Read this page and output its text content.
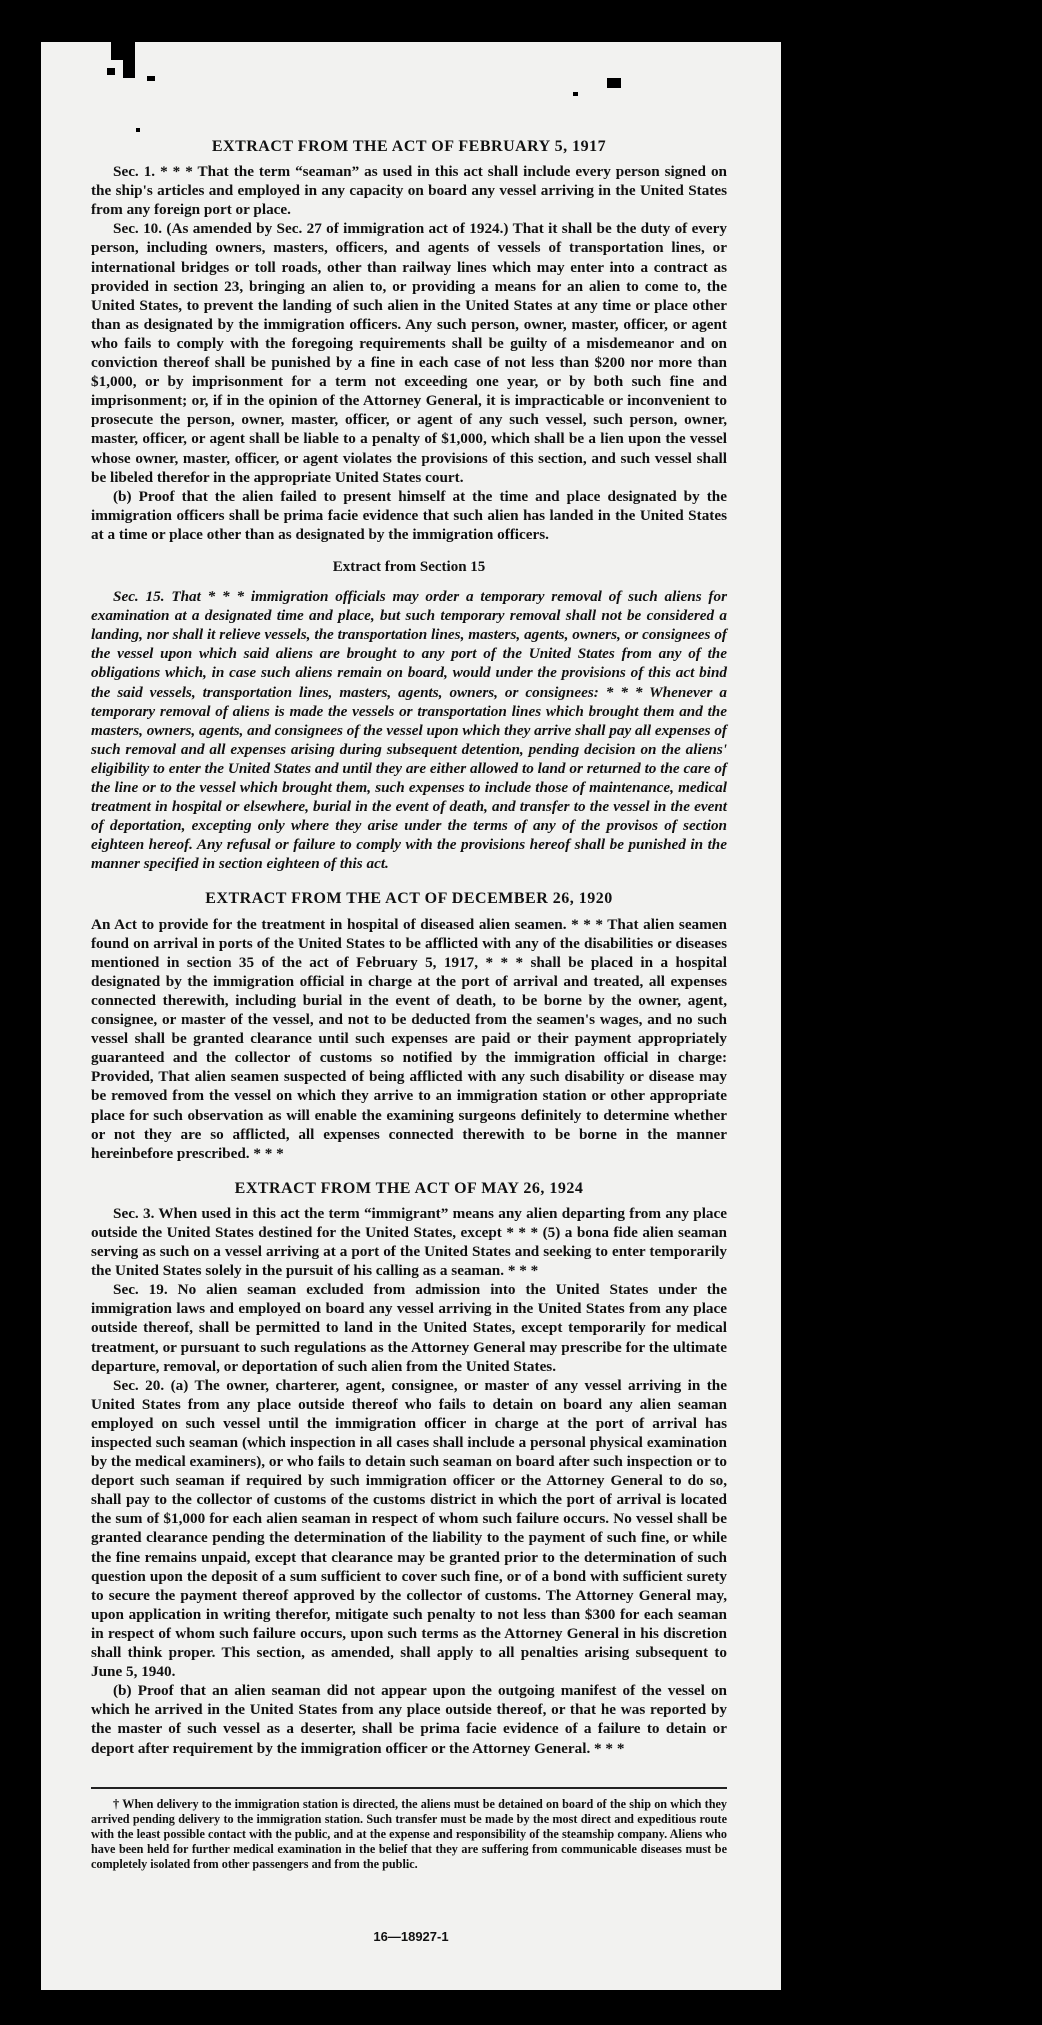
EXTRACT FROM THE ACT OF FEBRUARY 5, 1917

Sec. 1. * * * That the term “seaman” as used in this act shall include every person signed on the ship's articles and employed in any capacity on board any vessel arriving in the United States from any foreign port or place.

Sec. 10. (As amended by Sec. 27 of immigration act of 1924.) That it shall be the duty of every person, including owners, masters, officers, and agents of vessels of transportation lines, or international bridges or toll roads, other than railway lines which may enter into a contract as provided in section 23, bringing an alien to, or providing a means for an alien to come to, the United States, to prevent the landing of such alien in the United States at any time or place other than as designated by the immigration officers. Any such person, owner, master, officer, or agent who fails to comply with the foregoing requirements shall be guilty of a misdemeanor and on conviction thereof shall be punished by a fine in each case of not less than $200 nor more than $1,000, or by imprisonment for a term not exceeding one year, or by both such fine and imprisonment; or, if in the opinion of the Attorney General, it is impracticable or inconvenient to prosecute the person, owner, master, officer, or agent of any such vessel, such person, owner, master, officer, or agent shall be liable to a penalty of $1,000, which shall be a lien upon the vessel whose owner, master, officer, or agent violates the provisions of this section, and such vessel shall be libeled therefor in the appropriate United States court.

(b) Proof that the alien failed to present himself at the time and place designated by the immigration officers shall be prima facie evidence that such alien has landed in the United States at a time or place other than as designated by the immigration officers.

Extract from Section 15

Sec. 15. That * * * immigration officials may order a temporary removal of such aliens for examination at a designated time and place, but such temporary removal shall not be considered a landing, nor shall it relieve vessels, the transportation lines, masters, agents, owners, or consignees of the vessel upon which said aliens are brought to any port of the United States from any of the obligations which, in case such aliens remain on board, would under the provisions of this act bind the said vessels, transportation lines, masters, agents, owners, or consignees: * * * Whenever a temporary removal of aliens is made the vessels or transportation lines which brought them and the masters, owners, agents, and consignees of the vessel upon which they arrive shall pay all expenses of such removal and all expenses arising during subsequent detention, pending decision on the aliens' eligibility to enter the United States and until they are either allowed to land or returned to the care of the line or to the vessel which brought them, such expenses to include those of maintenance, medical treatment in hospital or elsewhere, burial in the event of death, and transfer to the vessel in the event of deportation, excepting only where they arise under the terms of any of the provisos of section eighteen hereof. Any refusal or failure to comply with the provisions hereof shall be punished in the manner specified in section eighteen of this act.

EXTRACT FROM THE ACT OF DECEMBER 26, 1920

An Act to provide for the treatment in hospital of diseased alien seamen. * * * That alien seamen found on arrival in ports of the United States to be afflicted with any of the disabilities or diseases mentioned in section 35 of the act of February 5, 1917, * * * shall be placed in a hospital designated by the immigration official in charge at the port of arrival and treated, all expenses connected therewith, including burial in the event of death, to be borne by the owner, agent, consignee, or master of the vessel, and not to be deducted from the seamen's wages, and no such vessel shall be granted clearance until such expenses are paid or their payment appropriately guaranteed and the collector of customs so notified by the immigration official in charge: Provided, That alien seamen suspected of being afflicted with any such disability or disease may be removed from the vessel on which they arrive to an immigration station or other appropriate place for such observation as will enable the examining surgeons definitely to determine whether or not they are so afflicted, all expenses connected therewith to be borne in the manner hereinbefore prescribed. * * *

EXTRACT FROM THE ACT OF MAY 26, 1924

Sec. 3. When used in this act the term “immigrant” means any alien departing from any place outside the United States destined for the United States, except * * * (5) a bona fide alien seaman serving as such on a vessel arriving at a port of the United States and seeking to enter temporarily the United States solely in the pursuit of his calling as a seaman. * * *

Sec. 19. No alien seaman excluded from admission into the United States under the immigration laws and employed on board any vessel arriving in the United States from any place outside thereof, shall be permitted to land in the United States, except temporarily for medical treatment, or pursuant to such regulations as the Attorney General may prescribe for the ultimate departure, removal, or deportation of such alien from the United States.

Sec. 20. (a) The owner, charterer, agent, consignee, or master of any vessel arriving in the United States from any place outside thereof who fails to detain on board any alien seaman employed on such vessel until the immigration officer in charge at the port of arrival has inspected such seaman (which inspection in all cases shall include a personal physical examination by the medical examiners), or who fails to detain such seaman on board after such inspection or to deport such seaman if required by such immigration officer or the Attorney General to do so, shall pay to the collector of customs of the customs district in which the port of arrival is located the sum of $1,000 for each alien seaman in respect of whom such failure occurs. No vessel shall be granted clearance pending the determination of the liability to the payment of such fine, or while the fine remains unpaid, except that clearance may be granted prior to the determination of such question upon the deposit of a sum sufficient to cover such fine, or of a bond with sufficient surety to secure the payment thereof approved by the collector of customs. The Attorney General may, upon application in writing therefor, mitigate such penalty to not less than $300 for each seaman in respect of whom such failure occurs, upon such terms as the Attorney General in his discretion shall think proper. This section, as amended, shall apply to all penalties arising subsequent to June 5, 1940.

(b) Proof that an alien seaman did not appear upon the outgoing manifest of the vessel on which he arrived in the United States from any place outside thereof, or that he was reported by the master of such vessel as a deserter, shall be prima facie evidence of a failure to detain or deport after requirement by the immigration officer or the Attorney General. * * *

† When delivery to the immigration station is directed, the aliens must be detained on board of the ship on which they arrived pending delivery to the immigration station. Such transfer must be made by the most direct and expeditious route with the least possible contact with the public, and at the expense and responsibility of the steamship company. Aliens who have been held for further medical examination in the belief that they are suffering from communicable diseases must be completely isolated from other passengers and from the public.

16—18927-1
